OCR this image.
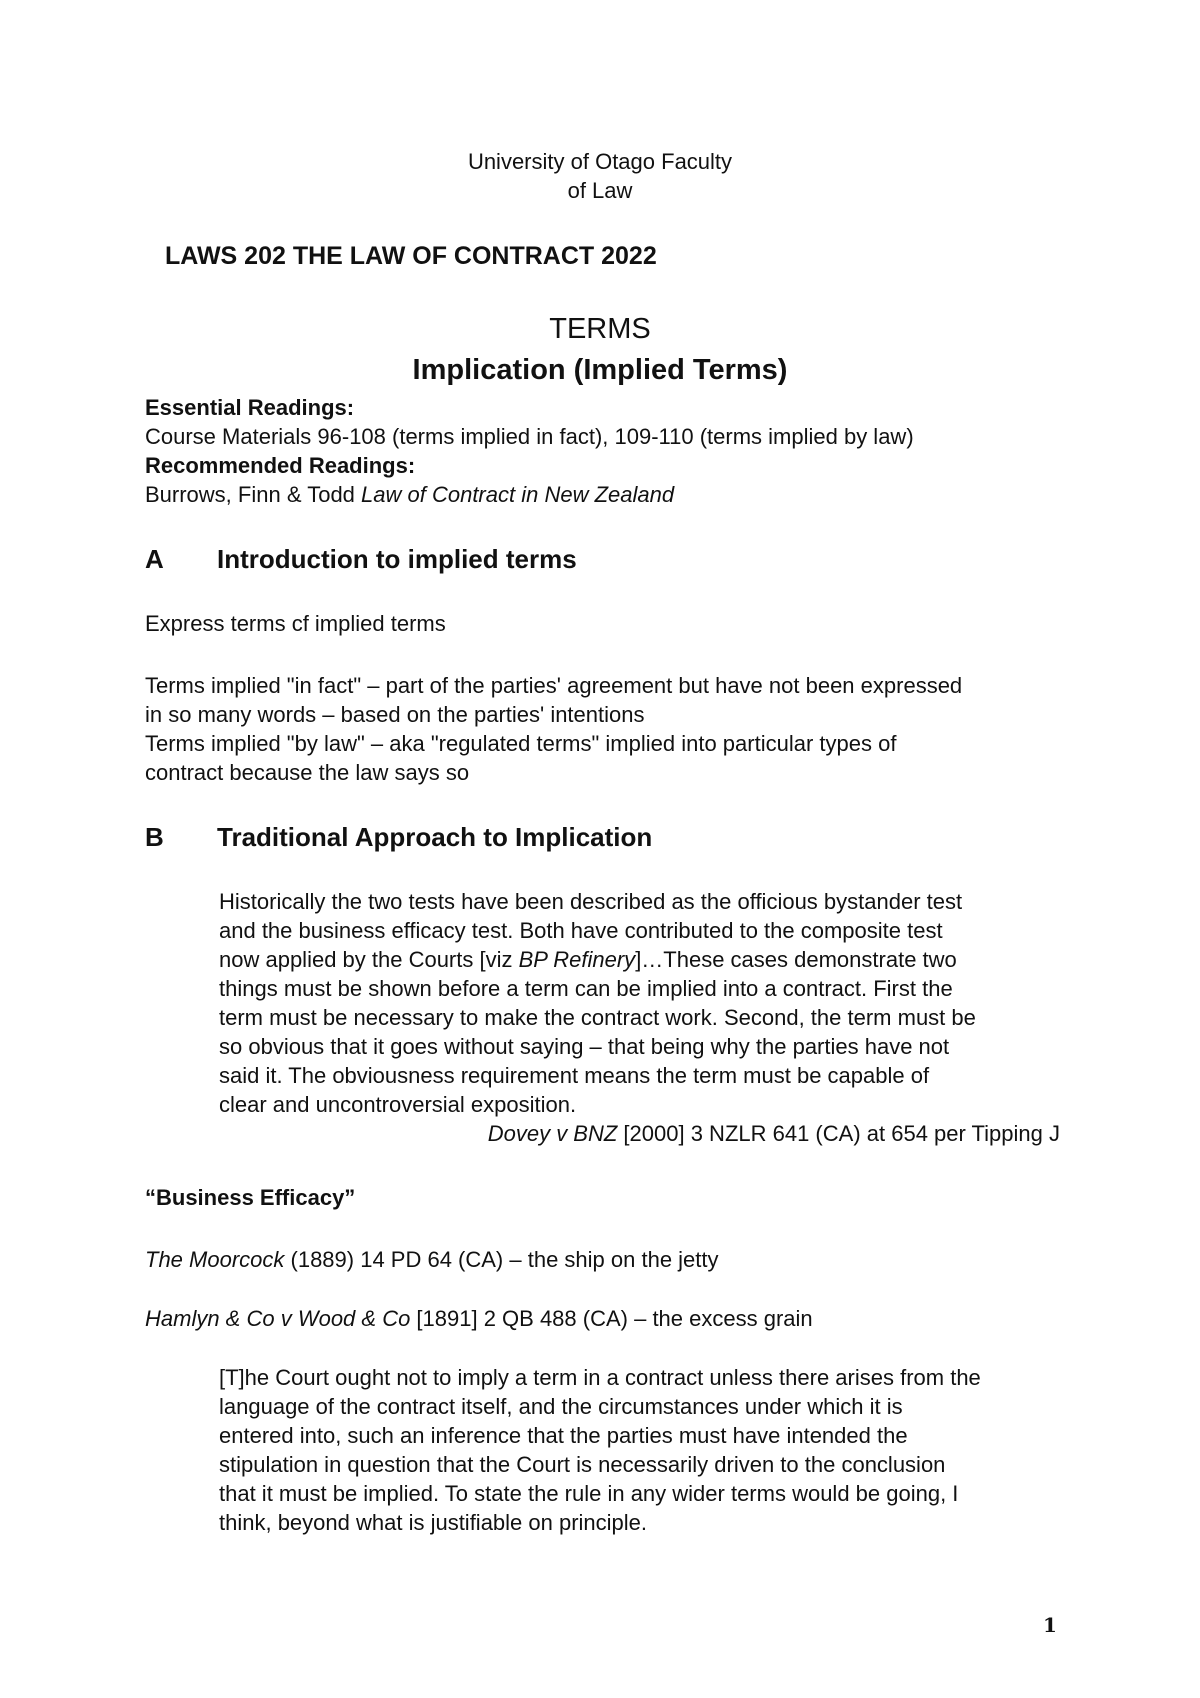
University of Otago Faculty
of Law
LAWS 202 THE LAW OF CONTRACT 2022
TERMS
Implication (Implied Terms)
Essential Readings:
Course Materials 96-108 (terms implied in fact), 109-110 (terms implied by law)
Recommended Readings:
Burrows, Finn & Todd Law of Contract in New Zealand
A Introduction to implied terms
Express terms cf implied terms
Terms implied "in fact" – part of the parties' agreement but have not been expressed
in so many words – based on the parties' intentions
Terms implied "by law" – aka "regulated terms" implied into particular types of
contract because the law says so
B Traditional Approach to Implication
Historically the two tests have been described as the officious bystander test
and the business efficacy test. Both have contributed to the composite test
now applied by the Courts [viz BP Refinery]…These cases demonstrate two
things must be shown before a term can be implied into a contract. First the
term must be necessary to make the contract work. Second, the term must be
so obvious that it goes without saying – that being why the parties have not
said it. The obviousness requirement means the term must be capable of
clear and uncontroversial exposition.
Dovey v BNZ [2000] 3 NZLR 641 (CA) at 654 per Tipping J
“Business Efficacy”
The Moorcock (1889) 14 PD 64 (CA) – the ship on the jetty
Hamlyn & Co v Wood & Co [1891] 2 QB 488 (CA) – the excess grain
[T]he Court ought not to imply a term in a contract unless there arises from the
language of the contract itself, and the circumstances under which it is
entered into, such an inference that the parties must have intended the
stipulation in question that the Court is necessarily driven to the conclusion
that it must be implied. To state the rule in any wider terms would be going, I
think, beyond what is justifiable on principle.
1
